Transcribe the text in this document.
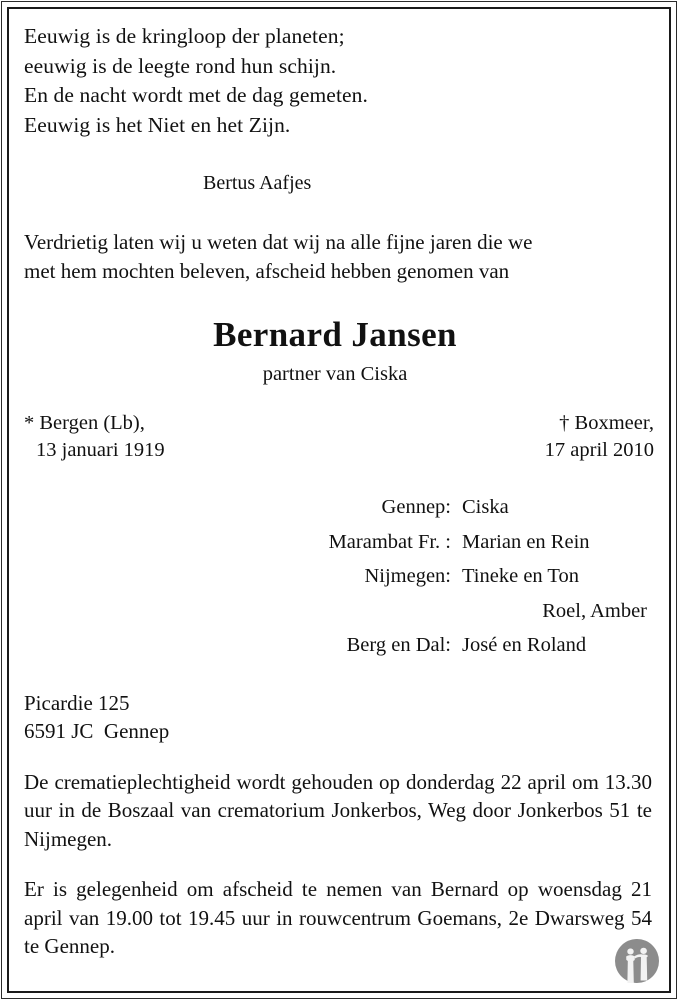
Eeuwig is de kringloop der planeten;
eeuwig is de leegte rond hun schijn.
En de nacht wordt met de dag gemeten.
Eeuwig is het Niet en het Zijn.
Bertus Aafjes
Verdrietig laten wij u weten dat wij na alle fijne jaren die we
met hem mochten beleven, afscheid hebben genomen van
Bernard Jansen
partner van Ciska
* Bergen (Lb),
13 januari 1919
† Boxmeer,
17 april 2010
Gennep: Ciska
Marambat Fr. : Marian en Rein
Nijmegen: Tineke en Ton
Roel, Amber
Berg en Dal: José en Roland
Picardie 125
6591 JC  Gennep
De crematieplechtigheid wordt gehouden op donderdag 22 april om 13.30 uur in de Boszaal van crematorium Jonkerbos, Weg door Jonkerbos 51 te Nijmegen.
Er is gelegenheid om afscheid te nemen van Bernard op woensdag 21 april van 19.00 tot 19.45 uur in rouwcentrum Goemans, 2e Dwarsweg 54 te Gennep.
